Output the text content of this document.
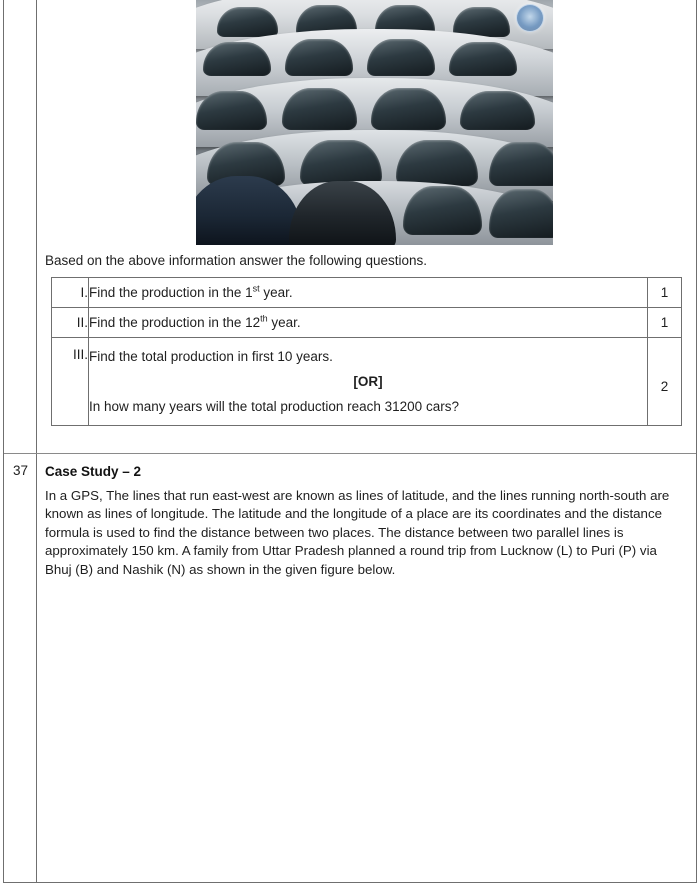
37
Based on the above information answer the following questions.
I.	Find the production in the 1st year.	1
II.	Find the production in the 12th year.	1
III.	Find the total production in first 10 years.
[OR]
In how many years will the total production reach 31200 cars?	2
Case Study – 2

In a GPS, The lines that run east-west are known as lines of latitude, and the lines running north-south are known as lines of longitude. The latitude and the longitude of a place are its coordinates and the distance formula is used to find the distance between two places. The distance between two parallel lines is approximately 150 km. A family from Uttar Pradesh planned a round trip from Lucknow (L) to Puri (P) via Bhuj (B) and Nashik (N) as shown in the given figure below.
